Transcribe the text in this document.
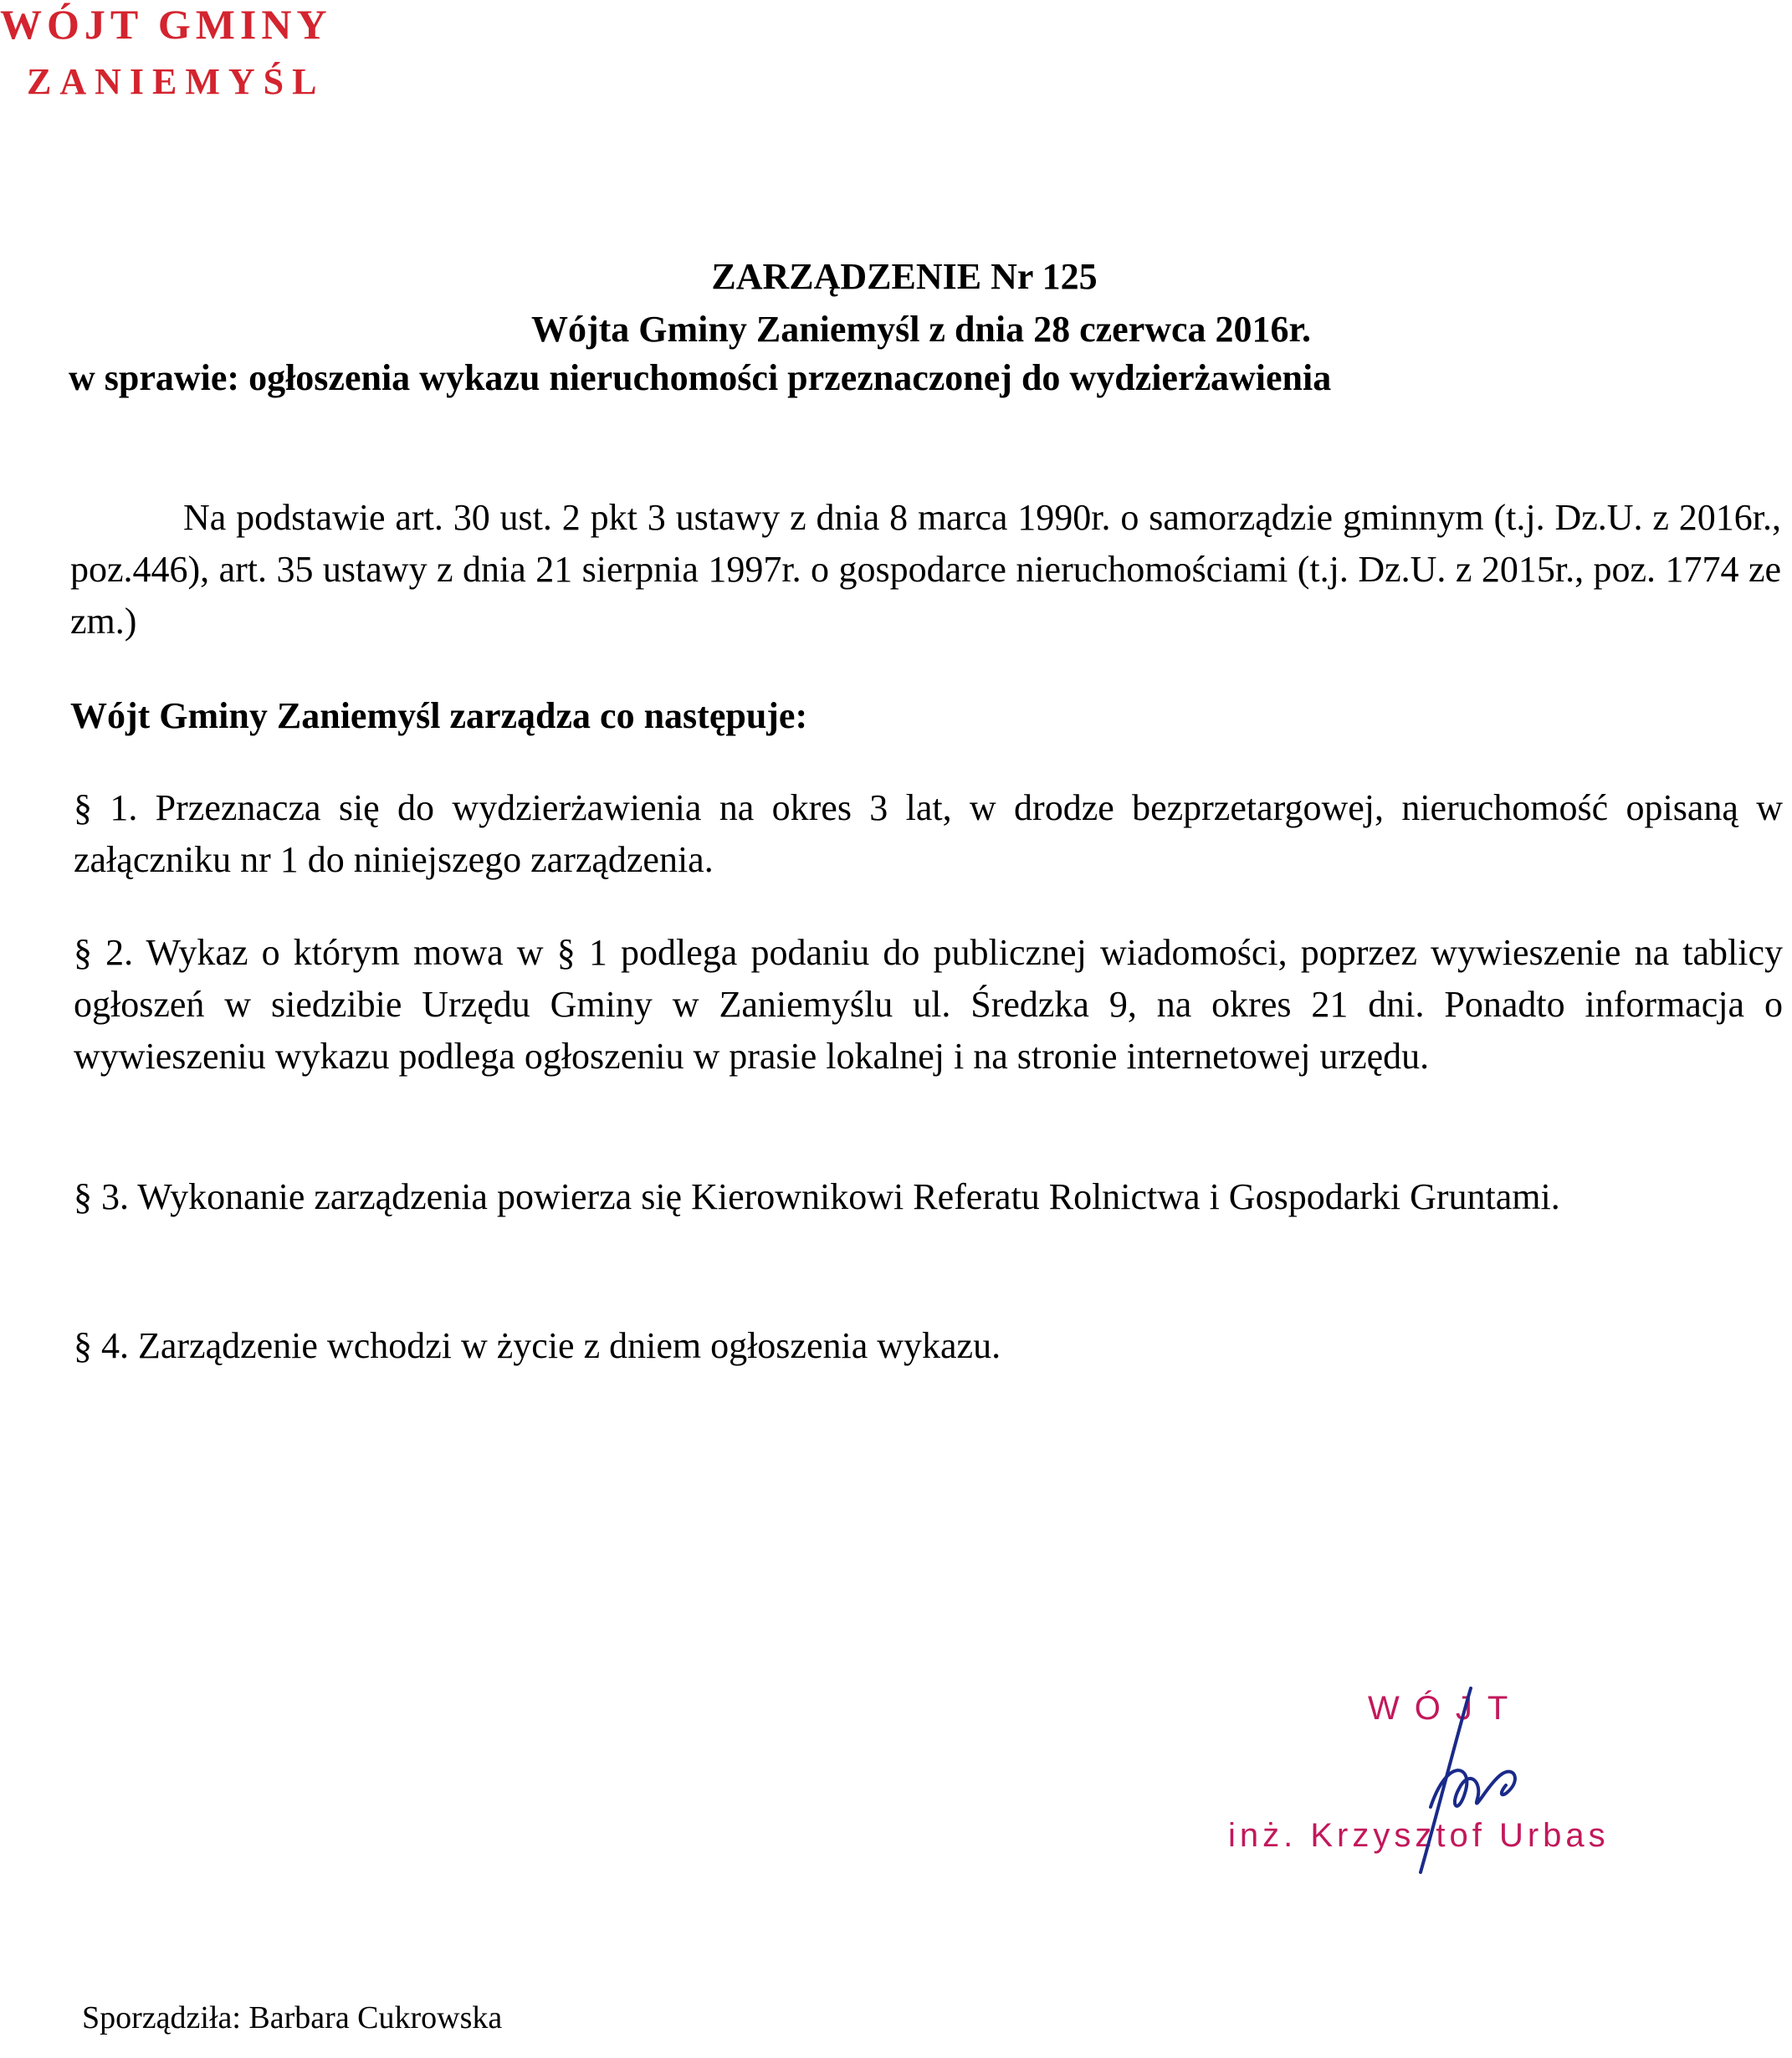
WÓJT GMINY
ZANIEMYŚL
ZARZĄDZENIE Nr 125
Wójta Gminy Zaniemyśl z dnia 28 czerwca 2016r.
w sprawie: ogłoszenia wykazu nieruchomości przeznaczonej do wydzierżawienia
Na podstawie art. 30 ust. 2 pkt 3 ustawy z dnia 8 marca 1990r. o samorządzie gminnym (t.j. Dz.U. z 2016r., poz.446), art. 35 ustawy z dnia 21 sierpnia 1997r. o gospodarce nieruchomościami (t.j. Dz.U. z 2015r., poz. 1774 ze zm.)
Wójt Gminy Zaniemyśl zarządza co następuje:
§ 1. Przeznacza się do wydzierżawienia na okres 3 lat, w drodze bezprzetargowej, nieruchomość opisaną w załączniku nr 1 do niniejszego zarządzenia.
§ 2. Wykaz o którym mowa w § 1 podlega podaniu do publicznej wiadomości, poprzez wywieszenie na tablicy ogłoszeń w siedzibie Urzędu Gminy w Zaniemyślu ul. Średzka 9, na okres 21 dni. Ponadto informacja o wywieszeniu wykazu podlega ogłoszeniu w prasie lokalnej i na stronie internetowej urzędu.
§ 3. Wykonanie zarządzenia powierza się Kierownikowi Referatu Rolnictwa i Gospodarki Gruntami.
§ 4. Zarządzenie wchodzi w życie z dniem ogłoszenia wykazu.
WÓJT
inż. Krzysztof Urbas
Sporządziła: Barbara Cukrowska
